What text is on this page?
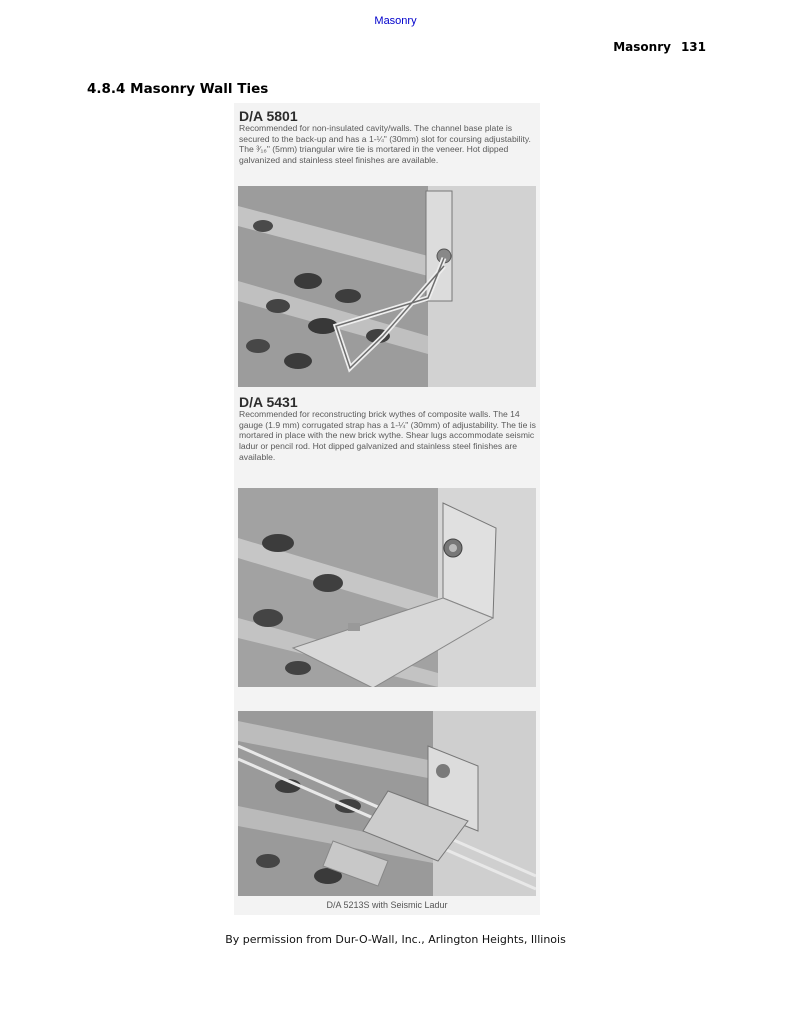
Masonry
Masonry 131
4.8.4 Masonry Wall Ties
D/A 5801
Recommended for non-insulated cavity/walls. The channel base plate is secured to the back-up and has a 1-¼" (30mm) slot for coursing adjustability. The ³⁄₁₆" (5mm) triangular wire tie is mortared in the veneer. Hot dipped galvanized and stainless steel finishes are available.
D/A 5431
Recommended for reconstructing brick wythes of composite walls. The 14 gauge (1.9 mm) corrugated strap has a 1-¼" (30mm) of adjustability. The tie is mortared in place with the new brick wythe. Shear lugs accommodate seismic ladur or pencil rod. Hot dipped galvanized and stainless steel finishes are available.
D/A 5213S with Seismic Ladur
By permission from Dur-O-Wall, Inc., Arlington Heights, Illinois
